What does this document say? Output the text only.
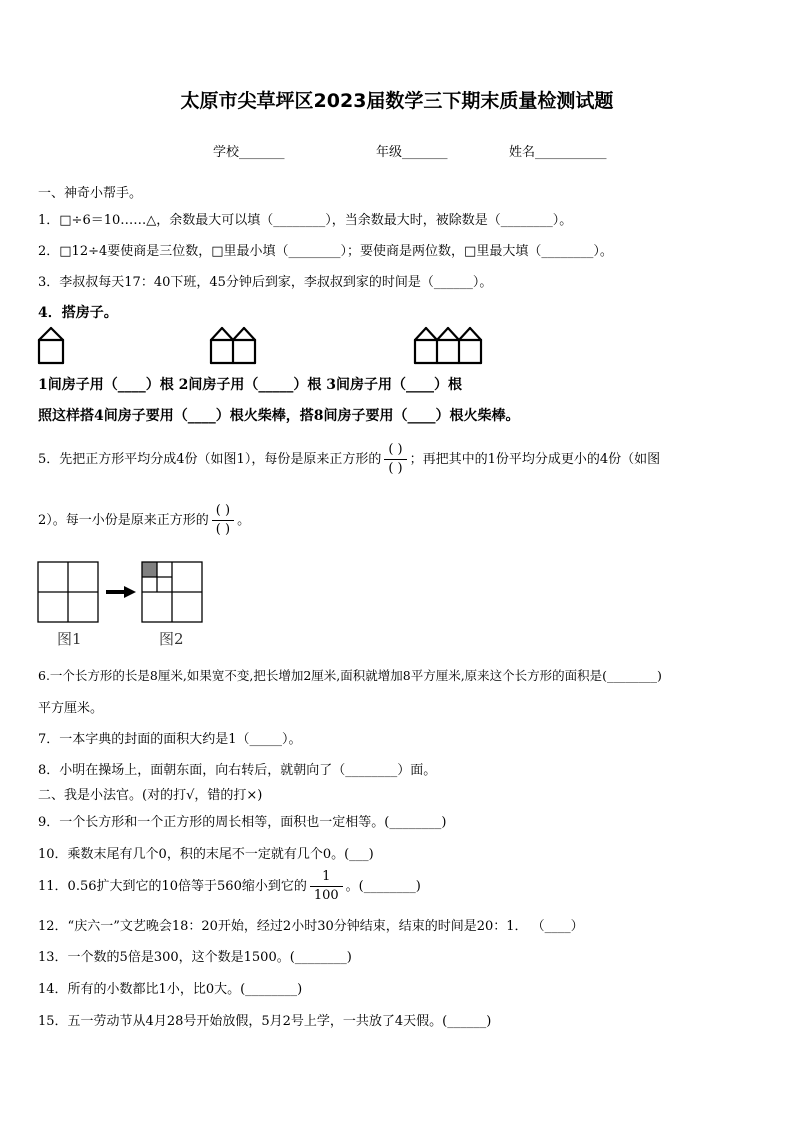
太原市尖草坪区2023届数学三下期末质量检测试题
学校_______	年级_______	姓名___________
一、神奇小帮手。
1．□÷6＝10……△，余数最大可以填（________），当余数最大时，被除数是（________）。
2．□12÷4要使商是三位数，□里最小填（________）；要使商是两位数，□里最大填（________）。
3．李叔叔每天17：40下班，45分钟后到家，李叔叔到家的时间是（______）。
4．搭房子。
1间房子用（____）根 2间房子用（_____）根 3间房子用（____）根
照这样搭4间房子要用（____）根火柴棒，搭8间房子要用（____）根火柴棒。
5．先把正方形平均分成4份（如图1），每份是原来正方形的 $\frac{( )}{( )}$ ；再把其中的1份平均分成更小的4份（如图
2）。每一小份是原来正方形的 $\frac{( )}{( )}$ 。
图1	图2
6.一个长方形的长是8厘米,如果宽不变,把长增加2厘米,面积就增加8平方厘米,原来这个长方形的面积是(________)
平方厘米。
7．一本字典的封面的面积大约是1（_____）。
8．小明在操场上，面朝东面，向右转后，就朝向了（________）面。
二、我是小法官。(对的打√，错的打×)
9．一个长方形和一个正方形的周长相等，面积也一定相等。(________)
10．乘数末尾有几个0，积的末尾不一定就有几个0。(___)
11．0.56扩大到它的10倍等于560缩小到它的 $\frac{1}{100}$ 。(________)
12．“庆六一”文艺晚会18：20开始，经过2小时30分钟结束，结束的时间是20：1． （____）
13．一个数的5倍是300，这个数是1500。(________)
14．所有的小数都比1小，比0大。(________)
15．五一劳动节从4月28号开始放假，5月2号上学，一共放了4天假。(______)
